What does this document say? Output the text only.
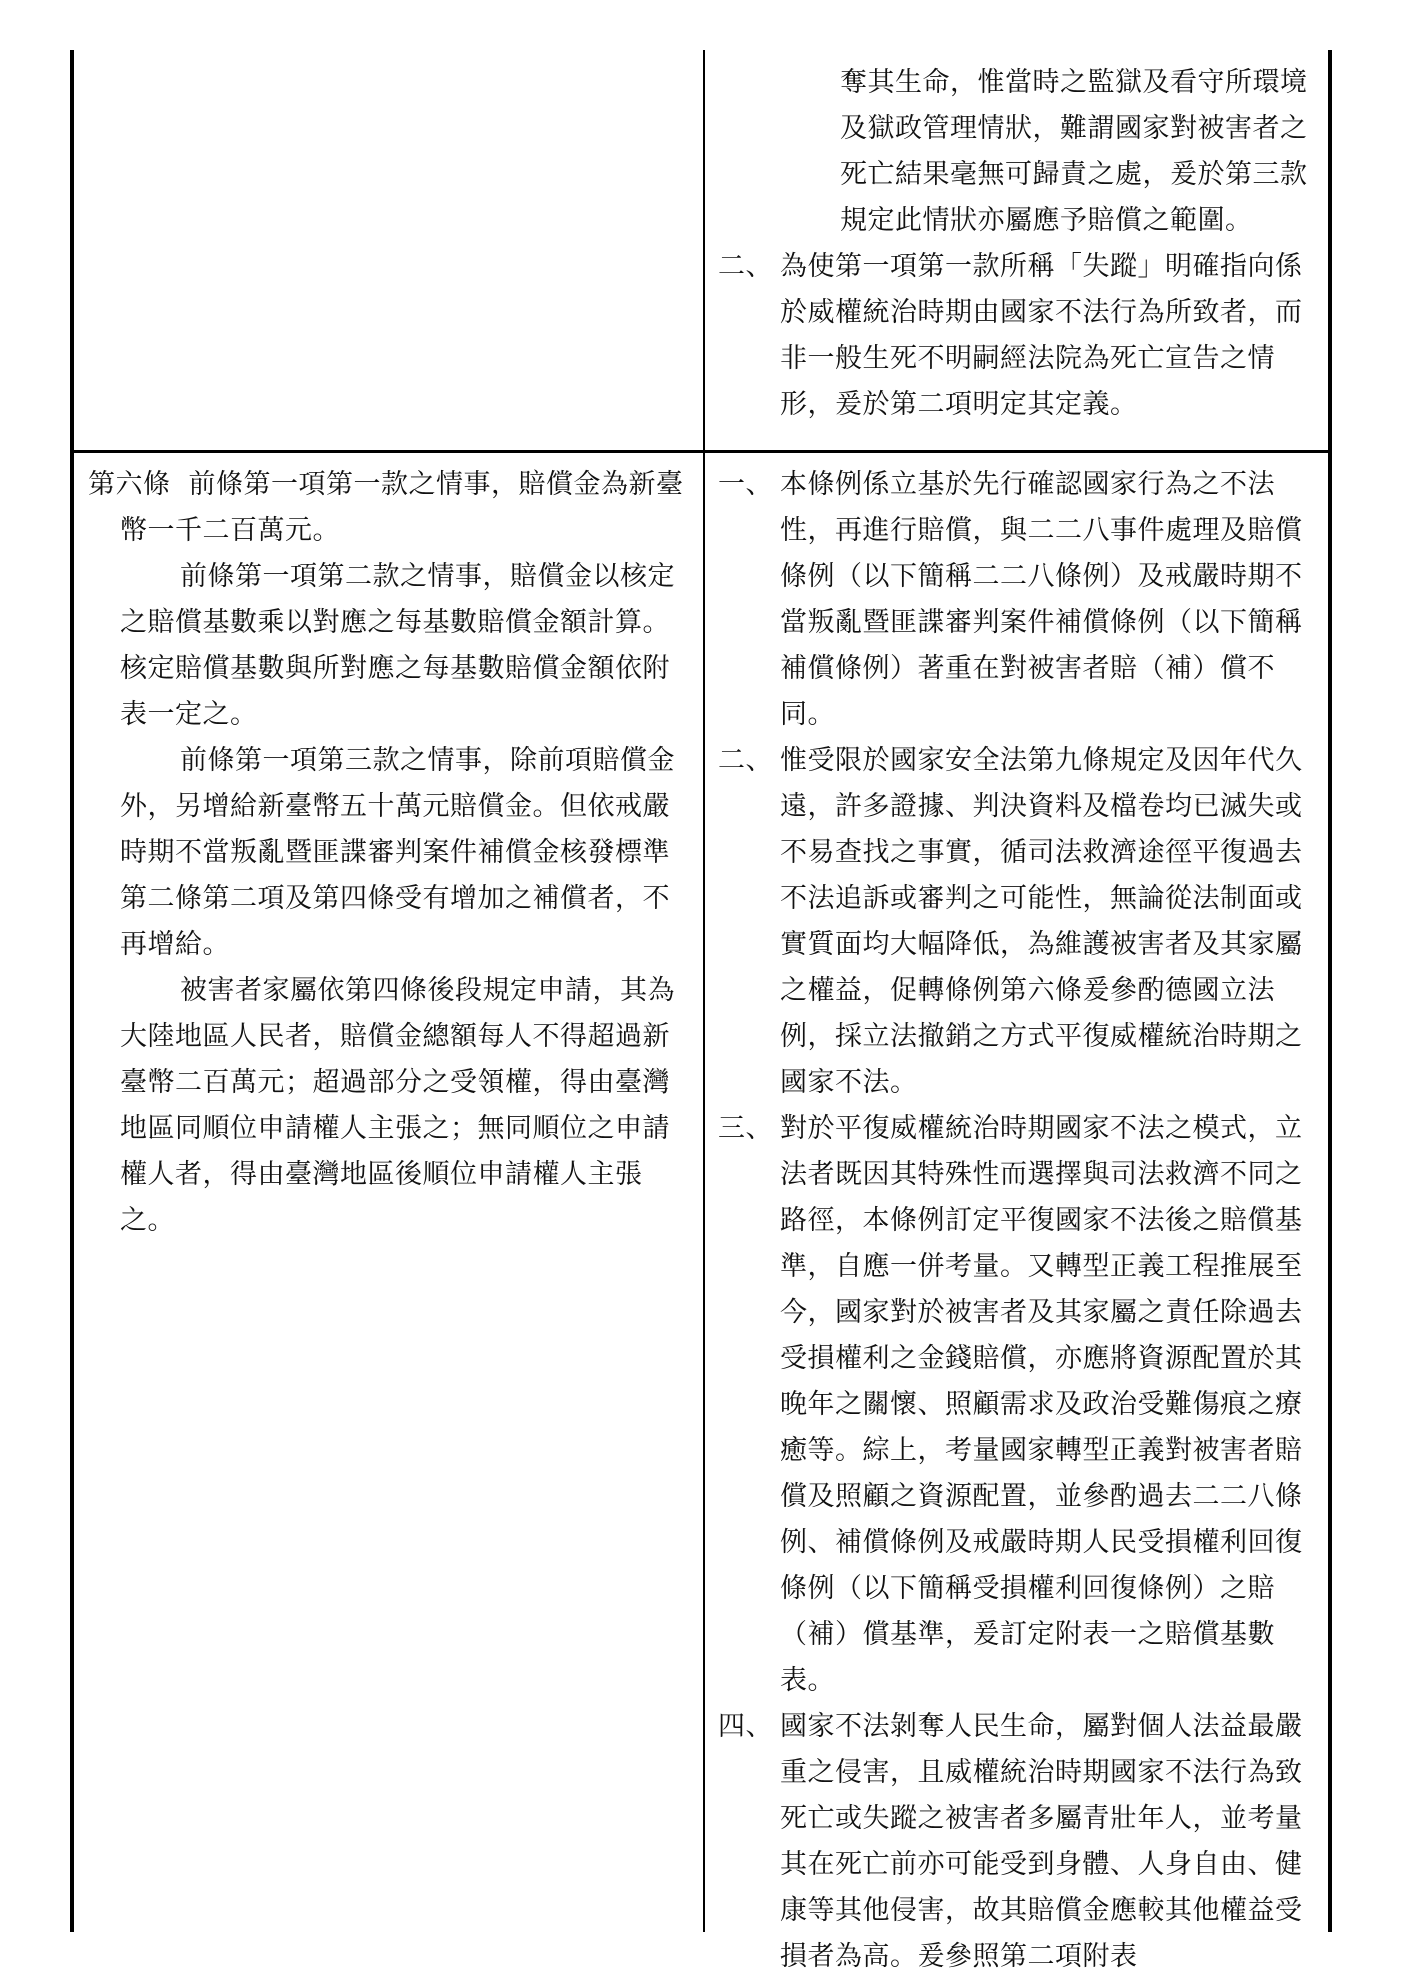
奪其生命，惟當時之監獄及看守所環境及獄政管理情狀，難謂國家對被害者之死亡結果毫無可歸責之處，爰於第三款規定此情狀亦屬應予賠償之範圍。
二、 為使第一項第一款所稱「失蹤」明確指向係於威權統治時期由國家不法行為所致者，而非一般生死不明嗣經法院為死亡宣告之情形，爰於第二項明定其定義。

第六條 前條第一項第一款之情事，賠償金為新臺幣一千二百萬元。

前條第一項第二款之情事，賠償金以核定之賠償基數乘以對應之每基數賠償金額計算。核定賠償基數與所對應之每基數賠償金額依附表一定之。

前條第一項第三款之情事，除前項賠償金外，另增給新臺幣五十萬元賠償金。但依戒嚴時期不當叛亂暨匪諜審判案件補償金核發標準第二條第二項及第四條受有增加之補償者，不再增給。

被害者家屬依第四條後段規定申請，其為大陸地區人民者，賠償金總額每人不得超過新臺幣二百萬元；超過部分之受領權，得由臺灣地區同順位申請權人主張之；無同順位之申請權人者，得由臺灣地區後順位申請權人主張之。

一、 本條例係立基於先行確認國家行為之不法性，再進行賠償，與二二八事件處理及賠償條例（以下簡稱二二八條例）及戒嚴時期不當叛亂暨匪諜審判案件補償條例（以下簡稱補償條例）著重在對被害者賠（補）償不同。
二、 惟受限於國家安全法第九條規定及因年代久遠，許多證據、判決資料及檔卷均已滅失或不易查找之事實，循司法救濟途徑平復過去不法追訴或審判之可能性，無論從法制面或實質面均大幅降低，為維護被害者及其家屬之權益，促轉條例第六條爰參酌德國立法例，採立法撤銷之方式平復威權統治時期之國家不法。
三、 對於平復威權統治時期國家不法之模式，立法者既因其特殊性而選擇與司法救濟不同之路徑，本條例訂定平復國家不法後之賠償基準，自應一併考量。又轉型正義工程推展至今，國家對於被害者及其家屬之責任除過去受損權利之金錢賠償，亦應將資源配置於其晚年之關懷、照顧需求及政治受難傷痕之療癒等。綜上，考量國家轉型正義對被害者賠償及照顧之資源配置，並參酌過去二二八條例、補償條例及戒嚴時期人民受損權利回復條例（以下簡稱受損權利回復條例）之賠（補）償基準，爰訂定附表一之賠償基數表。
四、 國家不法剝奪人民生命，屬對個人法益最嚴重之侵害，且威權統治時期國家不法行為致死亡或失蹤之被害者多屬青壯年人，並考量其在死亡前亦可能受到身體、人身自由、健康等其他侵害，故其賠償金應較其他權益受損者為高。爰參照第二項附表
